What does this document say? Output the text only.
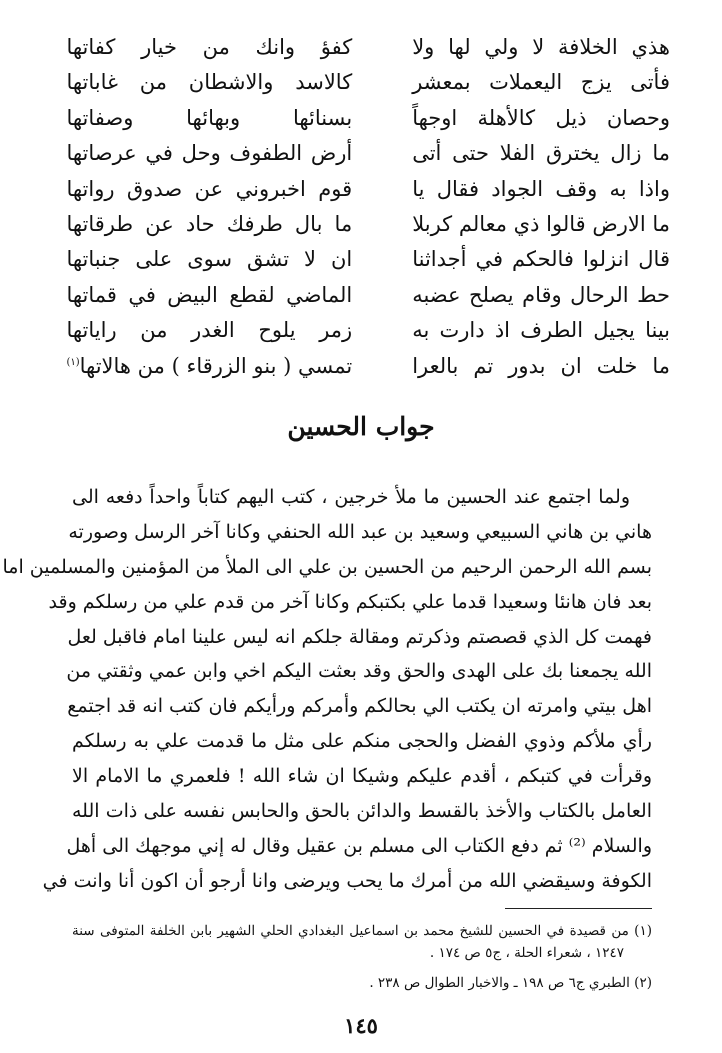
هذي الخلافة لا ولي لها ولا
فأتى يزج اليعملات بمعشر
وحصان ذيل كالأهلة اوجهاً
ما زال يخترق الفلا حتى أتى
واذا به وقف الجواد فقال يا
ما الارض قالوا ذي معالم كربلا
قال انزلوا فالحكم في أجداثنا
حط الرحال وقام يصلح عضبه
بينا يجيل الطرف اذ دارت به
ما خلت ان بدور تم بالعرا
كفؤ وانك من خيار كفاتها
كالاسد والاشطان من غاباتها
بسنائها وبهائها وصفاتها
أرض الطفوف وحل في عرصاتها
قوم اخبروني عن صدوق رواتها
ما بال طرفك حاد عن طرقاتها
ان لا تشق سوى على جنباتها
الماضي لقطع البيض في قماتها
زمر يلوح الغدر من راياتها
تمسي ( بنو الزرقاء ) من هالاتها$^{(١)}$
جواب الحسين
ولما اجتمع عند الحسين ما ملأ خرجين ، كتب اليهم كتاباً واحداً دفعه الى
هاني بن هاني السبيعي وسعيد بن عبد الله الحنفي وكانا آخر الرسل وصورته
بسم الله الرحمن الرحيم من الحسين بن علي الى الملأ من المؤمنين والمسلمين اما
بعد فان هانئا وسعيدا قدما علي بكتبكم وكانا آخر من قدم علي من رسلكم وقد
فهمت كل الذي قصصتم وذكرتم ومقالة جلكم انه ليس علينا امام فاقبل لعل
الله يجمعنا بك على الهدى والحق وقد بعثت اليكم اخي وابن عمي وثقتي من
اهل بيتي وامرته ان يكتب الي بحالكم وأمركم ورأيكم فان كتب انه قد اجتمع
رأي ملأكم وذوي الفضل والحجى منكم على مثل ما قدمت علي به رسلكم
وقرأت في كتبكم ، أقدم عليكم وشيكا ان شاء الله ! فلعمري ما الامام الا
العامل بالكتاب والأخذ بالقسط والدائن بالحق والحابس نفسه على ذات الله
والسلام ⁽²⁾ ثم دفع الكتاب الى مسلم بن عقيل وقال له إني موجهك الى أهل
الكوفة وسيقضي الله من أمرك ما يحب ويرضى وانا أرجو أن اكون أنا وانت في
(١) من قصيدة في الحسين للشيخ محمد بن اسماعيل البغدادي الحلي الشهير بابن الخلفة المتوفى سنة
١٢٤٧ ، شعراء الحلة ، ج٥ ص ١٧٤ .
(٢) الطبري ج٦ ص ١٩٨ ـ والاخبار الطوال ص ٢٣٨ .
١٤٥
